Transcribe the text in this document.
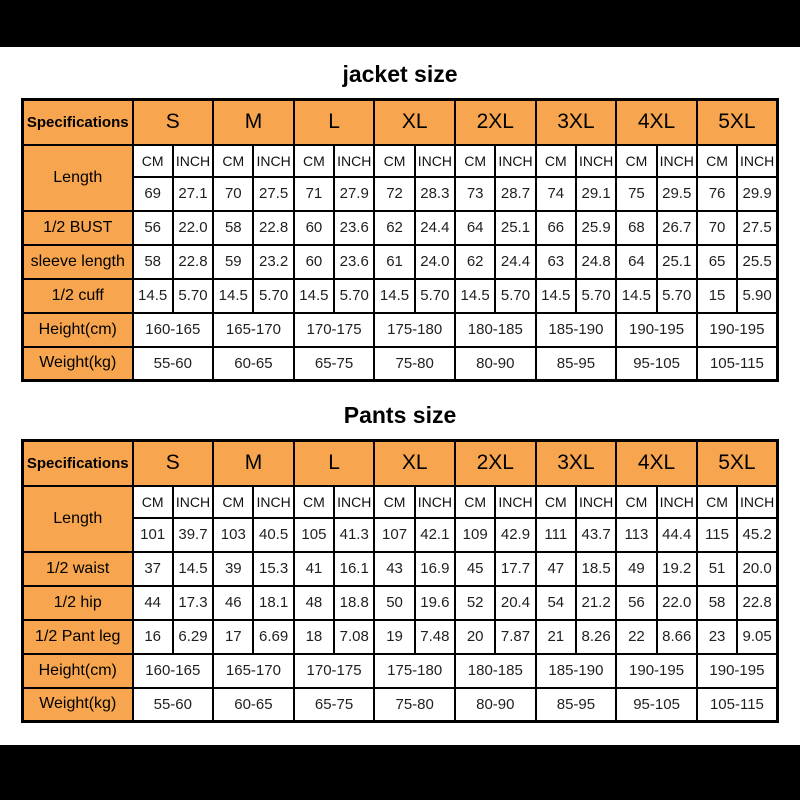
jacket size
Specifications	S		M		L		XL		2XL		3XL		4XL		5XL	
Length	CM	INCH	CM	INCH	CM	INCH	CM	INCH	CM	INCH	CM	INCH	CM	INCH	CM	INCH
	69	27.1	70	27.5	71	27.9	72	28.3	73	28.7	74	29.1	75	29.5	76	29.9
1/2 BUST	56	22.0	58	22.8	60	23.6	62	24.4	64	25.1	66	25.9	68	26.7	70	27.5
sleeve length	58	22.8	59	23.2	60	23.6	61	24.0	62	24.4	63	24.8	64	25.1	65	25.5
1/2 cuff	14.5	5.70	14.5	5.70	14.5	5.70	14.5	5.70	14.5	5.70	14.5	5.70	14.5	5.70	15	5.90
Height(cm)	160-165		165-170		170-175		175-180		180-185		185-190		190-195		190-195	
Weight(kg)	55-60		60-65		65-75		75-80		80-90		85-95		95-105		105-115	
Pants size
Specifications	S		M		L		XL		2XL		3XL		4XL		5XL	
Length	CM	INCH	CM	INCH	CM	INCH	CM	INCH	CM	INCH	CM	INCH	CM	INCH	CM	INCH
	101	39.7	103	40.5	105	41.3	107	42.1	109	42.9	111	43.7	113	44.4	115	45.2
1/2 waist	37	14.5	39	15.3	41	16.1	43	16.9	45	17.7	47	18.5	49	19.2	51	20.0
1/2 hip	44	17.3	46	18.1	48	18.8	50	19.6	52	20.4	54	21.2	56	22.0	58	22.8
1/2 Pant leg	16	6.29	17	6.69	18	7.08	19	7.48	20	7.87	21	8.26	22	8.66	23	9.05
Height(cm)	160-165		165-170		170-175		175-180		180-185		185-190		190-195		190-195	
Weight(kg)	55-60		60-65		65-75		75-80		80-90		85-95		95-105		105-115	
